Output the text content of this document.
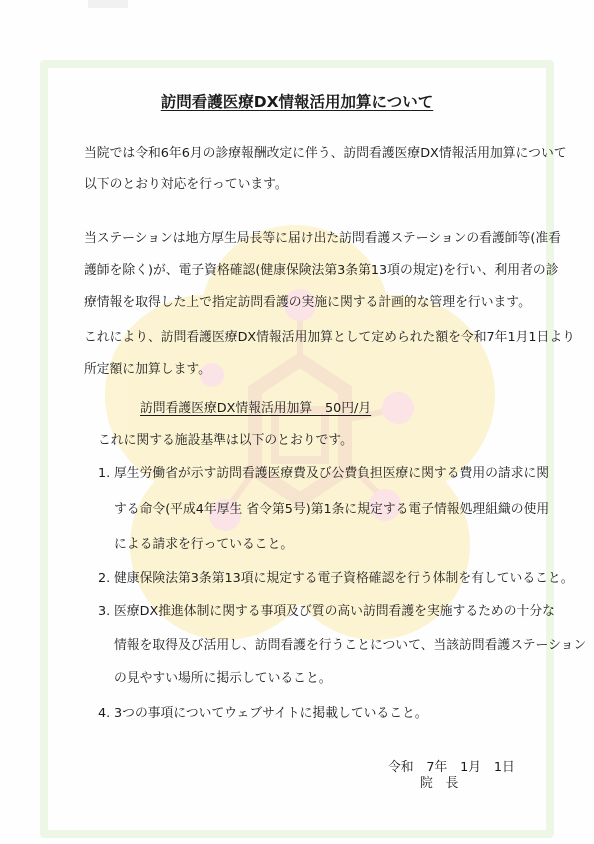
訪問看護医療DX情報活用加算について
当院では令和6年6月の診療報酬改定に伴う、訪問看護医療DX情報活用加算について
以下のとおり対応を行っています。
当ステーションは地方厚生局長等に届け出た訪問看護ステーションの看護師等(准看
護師を除く)が、電子資格確認(健康保険法第3条第13項の規定)を行い、利用者の診
療情報を取得した上で指定訪問看護の実施に関する計画的な管理を行います。
これにより、訪問看護医療DX情報活用加算として定められた額を令和7年1月1日より
所定額に加算します。
訪問看護医療DX情報活用加算　50円/月
これに関する施設基準は以下のとおりです。
1. 厚生労働省が示す訪問看護医療費及び公費負担医療に関する費用の請求に関
する命令(平成4年厚生 省令第5号)第1条に規定する電子情報処理組織の使用
による請求を行っていること。
2. 健康保険法第3条第13項に規定する電子資格確認を行う体制を有していること。
3. 医療DX推進体制に関する事項及び質の高い訪問看護を実施するための十分な
情報を取得及び活用し、訪問看護を行うことについて、当該訪問看護ステーション
の見やすい場所に掲示していること。
4. 3つの事項についてウェブサイトに掲載していること。
令和　7年　1月　1日
院　長
